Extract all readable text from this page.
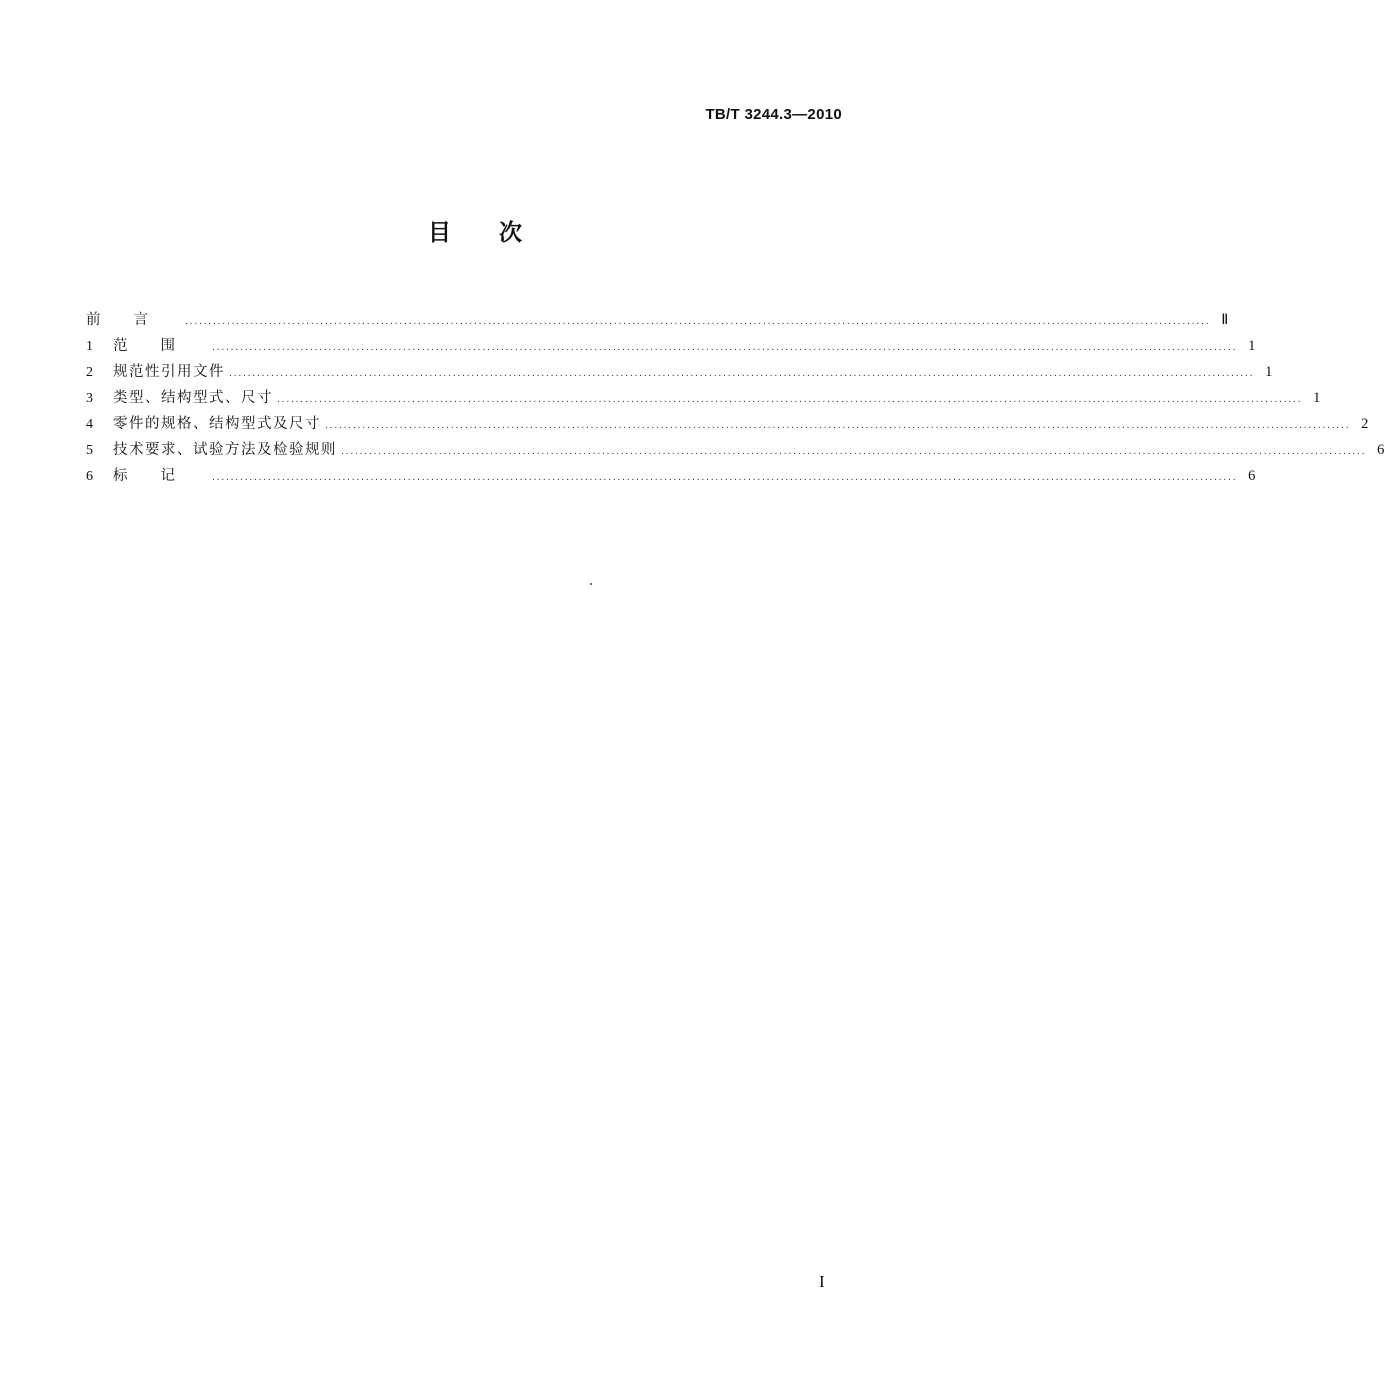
TB/T 3244.3—2010
目次
前言 ............................................................................................................................................................................................................................ Ⅱ
1	范围 ............................................................................................................................................................................................................................ 1
2	规范性引用文件 ............................................................................................................................................................................................................................ 1
3	类型、结构型式、尺寸 ............................................................................................................................................................................................................................ 1
4	零件的规格、结构型式及尺寸 ............................................................................................................................................................................................................................ 2
5	技术要求、试验方法及检验规则 ............................................................................................................................................................................................................................ 6
6	标记 ............................................................................................................................................................................................................................ 6
I
